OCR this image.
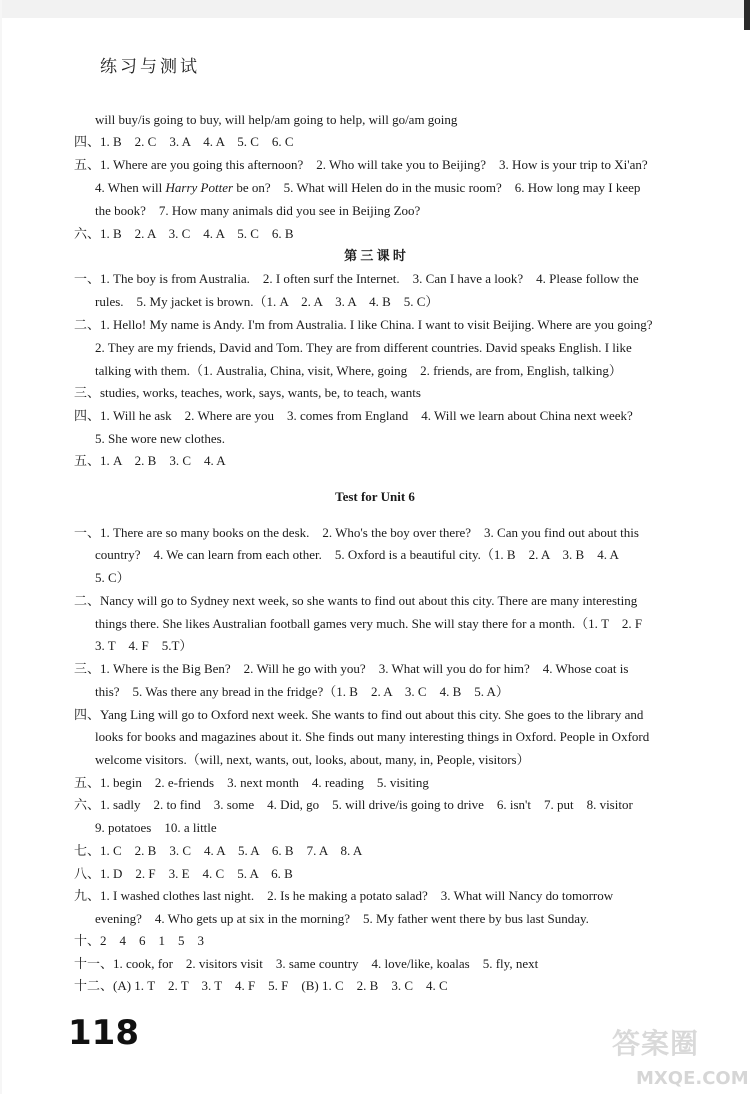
练习与测试
will buy/is going to buy, will help/am going to help, will go/am going
四、1. B　2. C　3. A　4. A　5. C　6. C
五、1. Where are you going this afternoon?　2. Who will take you to Beijing?　3. How is your trip to Xi'an?
4. When will Harry Potter be on?　5. What will Helen do in the music room?　6. How long may I keep
the book?　7. How many animals did you see in Beijing Zoo?
六、1. B　2. A　3. C　4. A　5. C　6. B
第 三 课 时
一、1. The boy is from Australia.　2. I often surf the Internet.　3. Can I have a look?　4. Please follow the
rules.　5. My jacket is brown.（1. A　2. A　3. A　4. B　5. C）
二、1. Hello! My name is Andy. I'm from Australia. I like China. I want to visit Beijing. Where are you going?
2. They are my friends, David and Tom. They are from different countries. David speaks English. I like
talking with them.（1. Australia, China, visit, Where, going　2. friends, are from, English, talking）
三、studies, works, teaches, work, says, wants, be, to teach, wants
四、1. Will he ask　2. Where are you　3. comes from England　4. Will we learn about China next week?
5. She wore new clothes.
五、1. A　2. B　3. C　4. A
Test for Unit 6
一、1. There are so many books on the desk.　2. Who's the boy over there?　3. Can you find out about this
country?　4. We can learn from each other.　5. Oxford is a beautiful city.（1. B　2. A　3. B　4. A
5. C）
二、Nancy will go to Sydney next week, so she wants to find out about this city. There are many interesting
things there. She likes Australian football games very much. She will stay there for a month.（1. T　2. F
3. T　4. F　5.T）
三、1. Where is the Big Ben?　2. Will he go with you?　3. What will you do for him?　4. Whose coat is
this?　5. Was there any bread in the fridge?（1. B　2. A　3. C　4. B　5. A）
四、Yang Ling will go to Oxford next week. She wants to find out about this city. She goes to the library and
looks for books and magazines about it. She finds out many interesting things in Oxford. People in Oxford
welcome visitors.（will, next, wants, out, looks, about, many, in, People, visitors）
五、1. begin　2. e-friends　3. next month　4. reading　5. visiting
六、1. sadly　2. to find　3. some　4. Did, go　5. will drive/is going to drive　6. isn't　7. put　8. visitor
9. potatoes　10. a little
七、1. C　2. B　3. C　4. A　5. A　6. B　7. A　8. A
八、1. D　2. F　3. E　4. C　5. A　6. B
九、1. I washed clothes last night.　2. Is he making a potato salad?　3. What will Nancy do tomorrow
evening?　4. Who gets up at six in the morning?　5. My father went there by bus last Sunday.
十、2　4　6　1　5　3
十一、1. cook, for　2. visitors visit　3. same country　4. love/like, koalas　5. fly, next
十二、(A) 1. T　2. T　3. T　4. F　5. F　(B) 1. C　2. B　3. C　4. C
118	答案圈
MXQE.COM
